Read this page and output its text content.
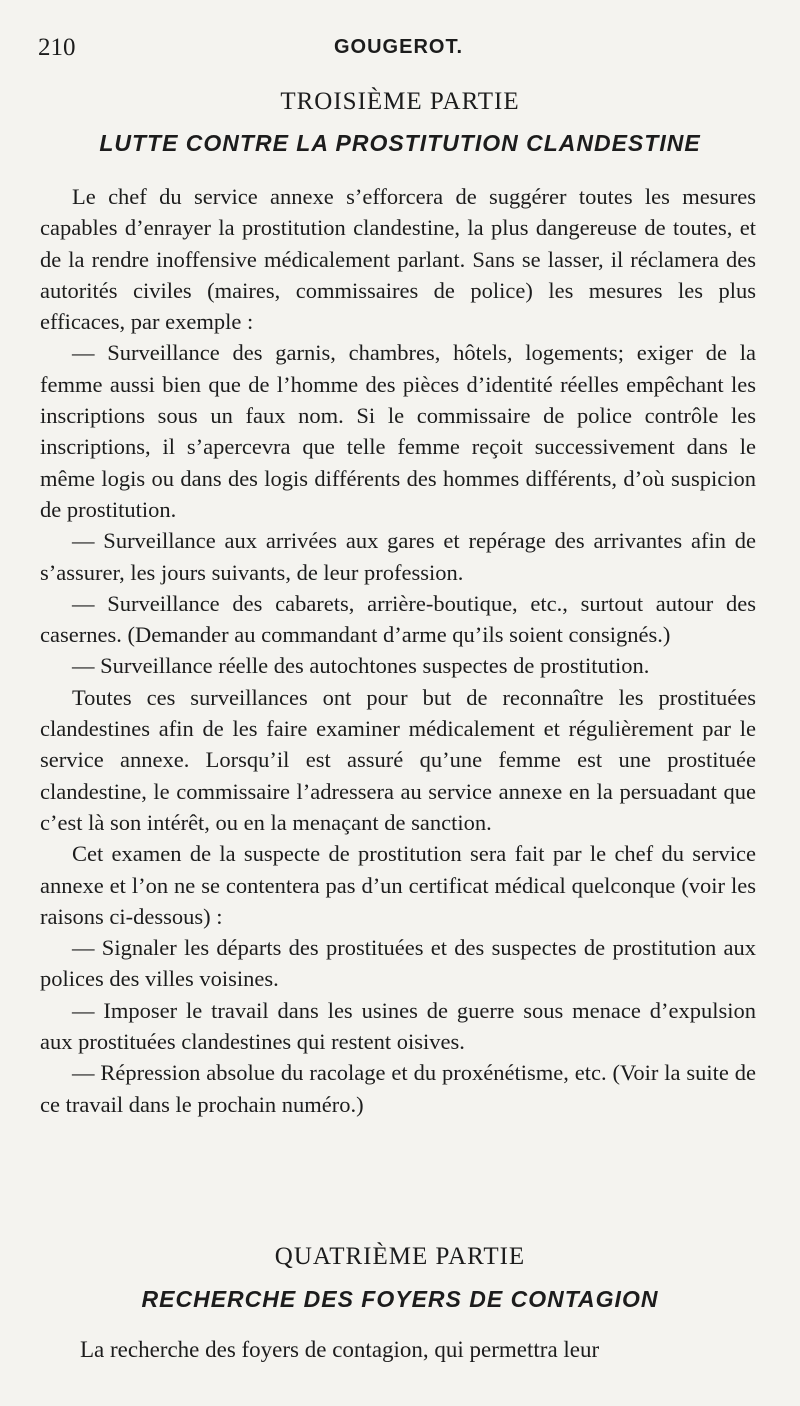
210	GOUGEROT.
TROISIÈME PARTIE
LUTTE CONTRE LA PROSTITUTION CLANDESTINE

Le chef du service annexe s’efforcera de suggérer toutes les mesures capables d’enrayer la prostitution clandestine, la plus dangereuse de toutes, et de la rendre inoffensive médicalement parlant. Sans se lasser, il réclamera des autorités civiles (maires, commissaires de police) les mesures les plus efficaces, par exemple :

— Surveillance des garnis, chambres, hôtels, logements; exiger de la femme aussi bien que de l’homme des pièces d’identité réelles empêchant les inscriptions sous un faux nom. Si le commissaire de police contrôle les inscriptions, il s’apercevra que telle femme reçoit successivement dans le même logis ou dans des logis différents des hommes différents, d’où suspicion de prostitution.

— Surveillance aux arrivées aux gares et repérage des arrivantes afin de s’assurer, les jours suivants, de leur profession.

— Surveillance des cabarets, arrière-boutique, etc., surtout autour des casernes. (Demander au commandant d’arme qu’ils soient consignés.)

— Surveillance réelle des autochtones suspectes de prostitution.

Toutes ces surveillances ont pour but de reconnaître les prostituées clandestines afin de les faire examiner médicalement et régulièrement par le service annexe. Lorsqu’il est assuré qu’une femme est une prostituée clandestine, le commissaire l’adressera au service annexe en la persuadant que c’est là son intérêt, ou en la menaçant de sanction.

Cet examen de la suspecte de prostitution sera fait par le chef du service annexe et l’on ne se contentera pas d’un certificat médical quelconque (voir les raisons ci-dessous) :

— Signaler les départs des prostituées et des suspectes de prostitution aux polices des villes voisines.

— Imposer le travail dans les usines de guerre sous menace d’expulsion aux prostituées clandestines qui restent oisives.

— Répression absolue du racolage et du proxénétisme, etc. (Voir la suite de ce travail dans le prochain numéro.)

QUATRIÈME PARTIE
RECHERCHE DES FOYERS DE CONTAGION
La recherche des foyers de contagion, qui permettra leur
